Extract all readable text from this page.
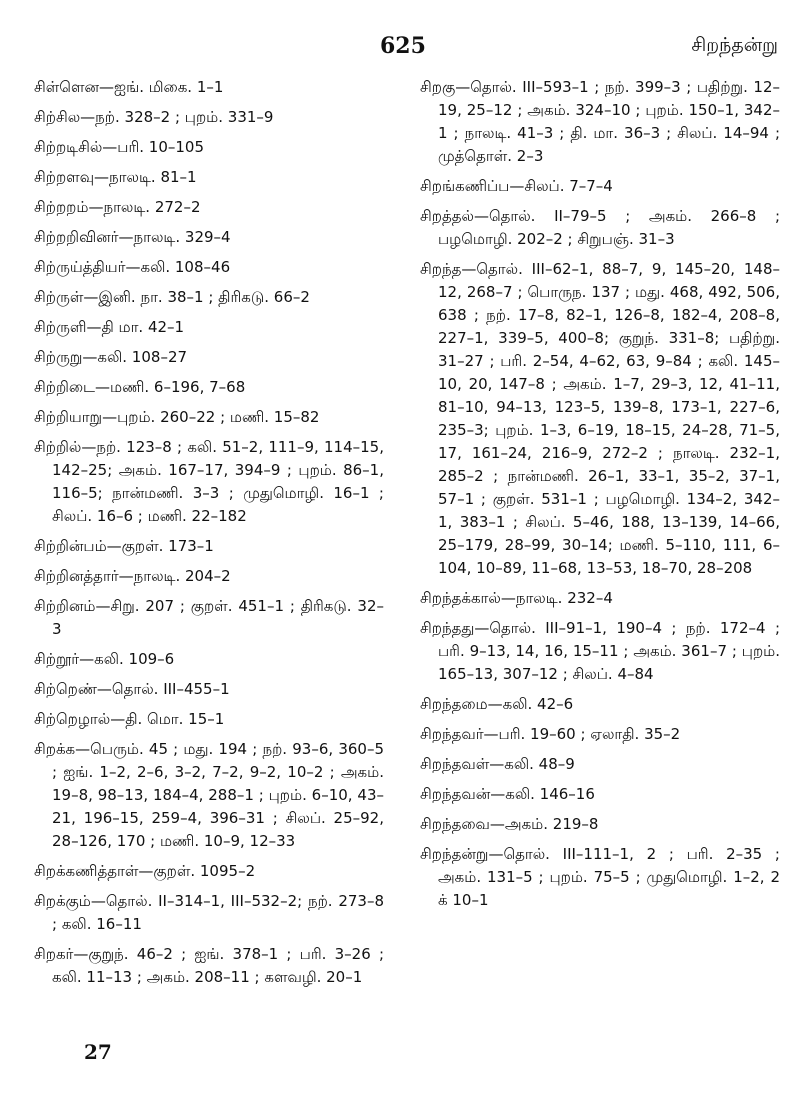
625	சிறந்தன்று
சிள்ளென—ஐங். மிகை. 1–1
சிற்சில—நற். 328–2 ; புறம். 331–9
சிற்றடிசில்—பரி. 10–105
சிற்றளவு—நாலடி. 81–1
சிற்றறம்—நாலடி. 272–2
சிற்றறிவினர்—நாலடி. 329–4
சிற்ருய்த்தியர்—கலி. 108–46
சிற்ருள்—இனி. நா. 38–1 ; திரிகடு. 66–2
சிற்ருளி—தி மா. 42–1
சிற்ருறு—கலி. 108–27
சிற்றிடை—மணி. 6–196, 7–68
சிற்றியாறு—புறம். 260–22 ; மணி. 15–82
சிற்றில்—நற். 123–8 ; கலி. 51–2, 111–9, 114–15, 142–25; அகம். 167–17, 394–9 ; புறம். 86–1, 116–5; நான்மணி. 3–3 ; முதுமொழி. 16–1 ; சிலப். 16–6 ; மணி. 22–182
சிற்றின்பம்—குறள். 173–1
சிற்றினத்தார்—நாலடி. 204–2
சிற்றினம்—சிறு. 207 ; குறள். 451–1 ; திரிகடு. 32–3
சிற்றூர்—கலி. 109–6
சிற்றெண்—தொல். III–455–1
சிற்றெழால்—தி. மொ. 15–1
சிறக்க—பெரும். 45 ; மது. 194 ; நற். 93–6, 360–5 ; ஐங். 1–2, 2–6, 3–2, 7–2, 9–2, 10–2 ; அகம். 19–8, 98–13, 184–4, 288–1 ; புறம். 6–10, 43–21, 196–15, 259–4, 396–31 ; சிலப். 25–92, 28–126, 170 ; மணி. 10–9, 12–33
சிறக்கணித்தாள்—குறள். 1095–2
சிறக்கும்—தொல். II–314–1, III–532–2; நற். 273–8 ; கலி. 16–11
சிறகர்—குறுந். 46–2 ; ஐங். 378–1 ; பரி. 3–26 ; கலி. 11–13 ; அகம். 208–11 ; களவழி. 20–1
சிறகு—தொல். III–593–1 ; நற். 399–3 ; பதிற்று. 12–19, 25–12 ; அகம். 324–10 ; புறம். 150–1, 342–1 ; நாலடி. 41–3 ; தி. மா. 36–3 ; சிலப். 14–94 ; முத்தொள். 2–3
சிறங்கணிப்ப—சிலப். 7–7–4
சிறத்தல்—தொல். II–79–5 ; அகம். 266–8 ; பழமொழி. 202–2 ; சிறுபஞ். 31–3
சிறந்த—தொல். III–62–1, 88–7, 9, 145–20, 148–12, 268–7 ; பொருந. 137 ; மது. 468, 492, 506, 638 ; நற். 17–8, 82–1, 126–8, 182–4, 208–8, 227–1, 339–5, 400–8; குறுந். 331–8; பதிற்று. 31–27 ; பரி. 2–54, 4–62, 63, 9–84 ; கலி. 145–10, 20, 147–8 ; அகம். 1–7, 29–3, 12, 41–11, 81–10, 94–13, 123–5, 139–8, 173–1, 227–6, 235–3; புறம். 1–3, 6–19, 18–15, 24–28, 71–5, 17, 161–24, 216–9, 272–2 ; நாலடி. 232–1, 285–2 ; நான்மணி. 26–1, 33–1, 35–2, 37–1, 57–1 ; குறள். 531–1 ; பழமொழி. 134–2, 342–1, 383–1 ; சிலப். 5–46, 188, 13–139, 14–66, 25–179, 28–99, 30–14; மணி. 5–110, 111, 6–104, 10–89, 11–68, 13–53, 18–70, 28–208
சிறந்தக்கால்—நாலடி. 232–4
சிறந்தது—தொல். III–91–1, 190–4 ; நற். 172–4 ; பரி. 9–13, 14, 16, 15–11 ; அகம். 361–7 ; புறம். 165–13, 307–12 ; சிலப். 4–84
சிறந்தமை—கலி. 42–6
சிறந்தவர்—பரி. 19–60 ; ஏலாதி. 35–2
சிறந்தவள்—கலி. 48–9
சிறந்தவன்—கலி. 146–16
சிறந்தவை—அகம். 219–8
சிறந்தன்று—தொல். III–111–1, 2 ; பரி. 2–35 ; அகம். 131–5 ; புறம். 75–5 ; முதுமொழி. 1–2, 2 க் 10–1
27
